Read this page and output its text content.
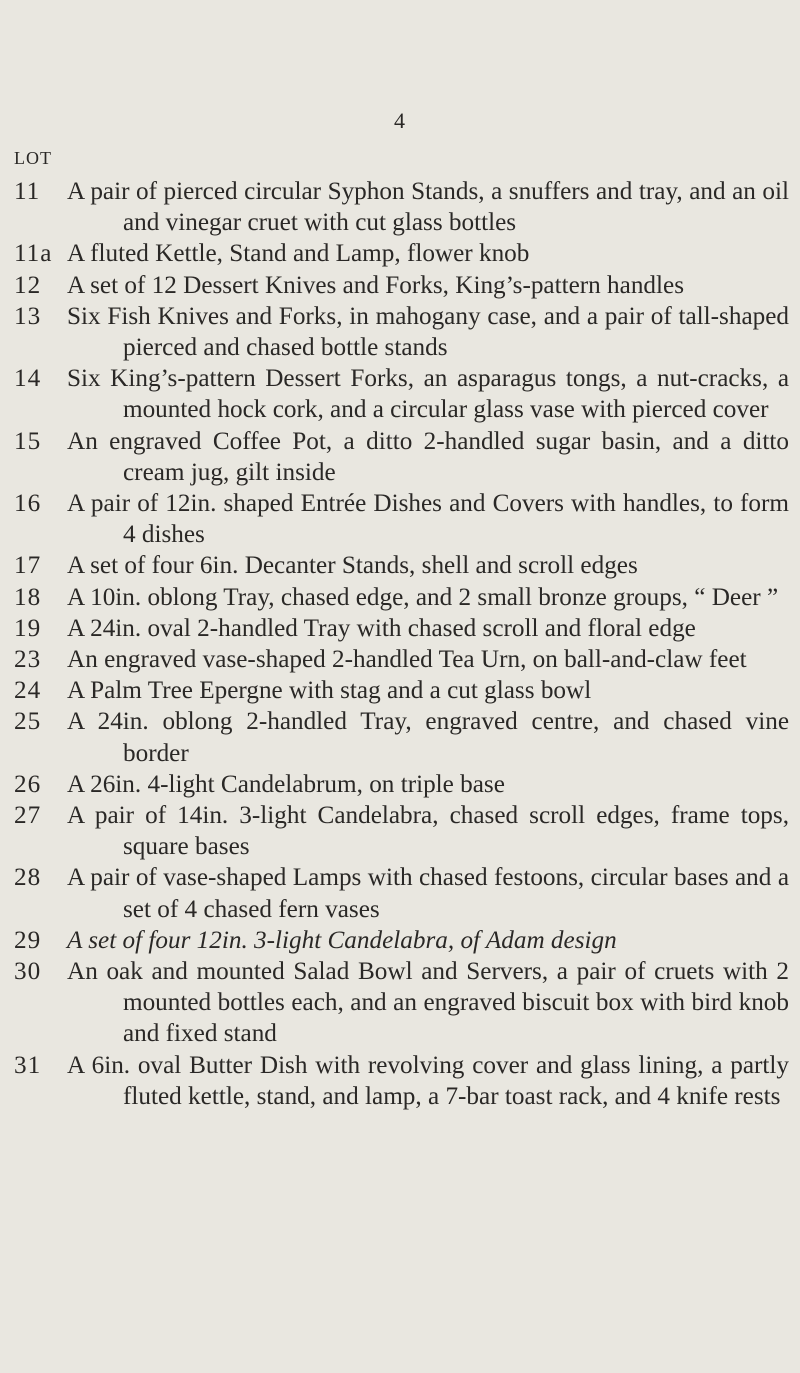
4
LOT
11	A pair of pierced circular Syphon Stands, a snuffers and tray, and an oil and vinegar cruet with cut glass bottles
11a A fluted Kettle, Stand and Lamp, flower knob
12	A set of 12 Dessert Knives and Forks, King’s-pattern handles
13	Six Fish Knives and Forks, in mahogany case, and a pair of tall-shaped pierced and chased bottle stands
14	Six King’s-pattern Dessert Forks, an asparagus tongs, a nut-cracks, a mounted hock cork, and a circular glass vase with pierced cover
15	An engraved Coffee Pot, a ditto 2-handled sugar basin, and a ditto cream jug, gilt inside
16	A pair of 12in. shaped Entrée Dishes and Covers with handles, to form 4 dishes
17	A set of four 6in. Decanter Stands, shell and scroll edges
18	A 10in. oblong Tray, chased edge, and 2 small bronze groups, “ Deer ”
19	A 24in. oval 2-handled Tray with chased scroll and floral edge
23	An engraved vase-shaped 2-handled Tea Urn, on ball-and-claw feet
24	A Palm Tree Epergne with stag and a cut glass bowl
25	A 24in. oblong 2-handled Tray, engraved centre, and chased vine border
26	A 26in. 4-light Candelabrum, on triple base
27	A pair of 14in. 3-light Candelabra, chased scroll edges, frame tops, square bases
28	A pair of vase-shaped Lamps with chased festoons, circular bases and a set of 4 chased fern vases
29	A set of four 12in. 3-light Candelabra, of Adam design
30	An oak and mounted Salad Bowl and Servers, a pair of cruets with 2 mounted bottles each, and an engraved biscuit box with bird knob and fixed stand
31	A 6in. oval Butter Dish with revolving cover and glass lining, a partly fluted kettle, stand, and lamp, a 7-bar toast rack, and 4 knife rests
